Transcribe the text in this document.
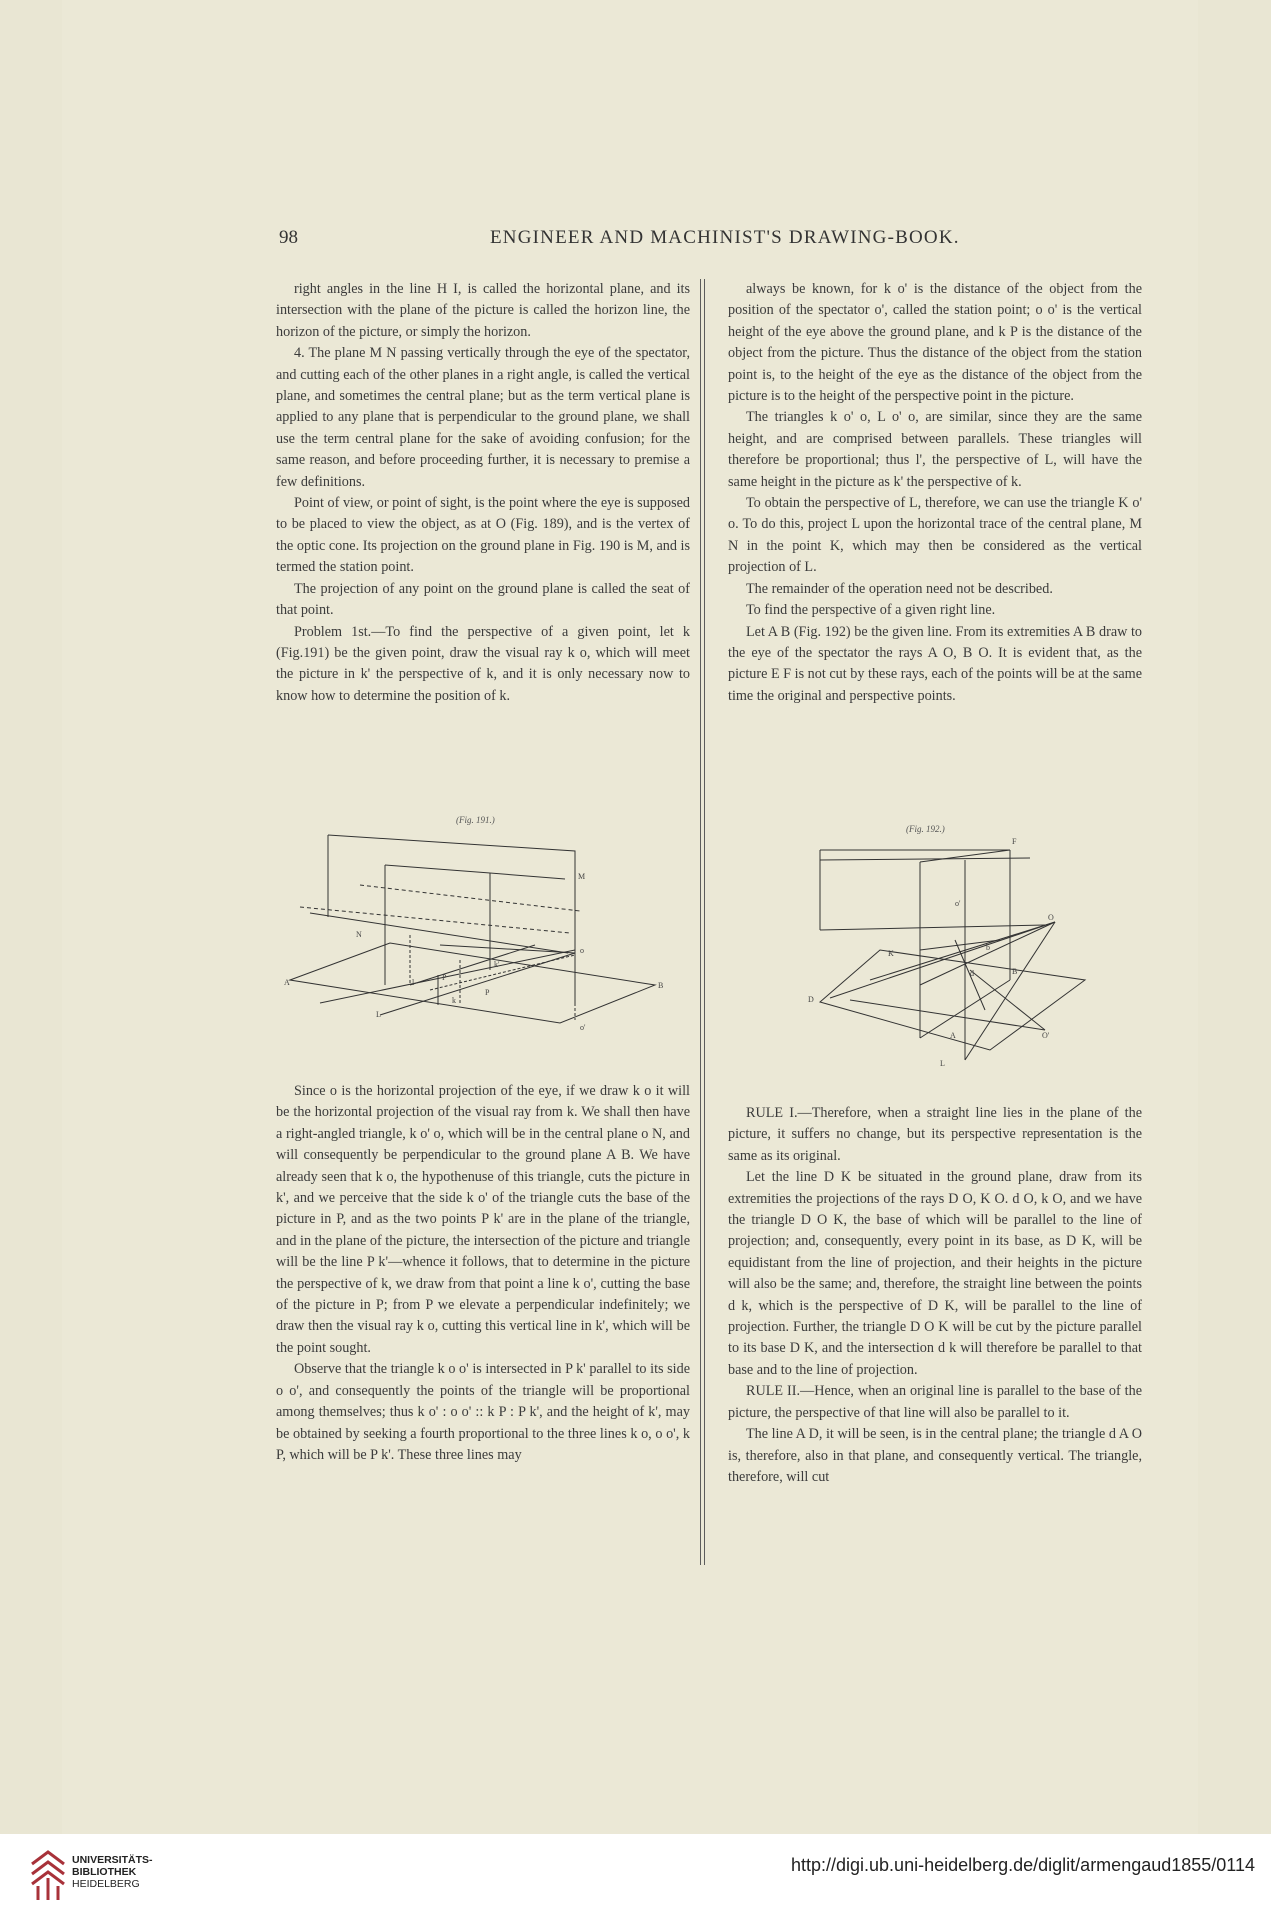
98	ENGINEER AND MACHINIST'S DRAWING-BOOK.

right angles in the line H I, is called the horizontal plane, and its intersection with the plane of the picture is called the horizon line, the horizon of the picture, or simply the horizon.

4. The plane M N passing vertically through the eye of the spectator, and cutting each of the other planes in a right angle, is called the vertical plane, and sometimes the central plane; but as the term vertical plane is applied to any plane that is perpendicular to the ground plane, we shall use the term central plane for the sake of avoiding confusion; for the same reason, and before proceeding further, it is necessary to premise a few definitions.

Point of view, or point of sight, is the point where the eye is supposed to be placed to view the object, as at O (Fig. 189), and is the vertex of the optic cone. Its projection on the ground plane in Fig. 190 is M, and is termed the station point.

The projection of any point on the ground plane is called the seat of that point.

Problem 1st.—To find the perspective of a given point, let k (Fig.191) be the given point, draw the visual ray k o, which will meet the picture in k' the perspective of k, and it is only necessary now to know how to determine the position of k.

(Fig. 191.)
M
N
A	B
L
o
o'
P
k
k'
l
P

Since o is the horizontal projection of the eye, if we draw k o it will be the horizontal projection of the visual ray from k. We shall then have a right-angled triangle, k o' o, which will be in the central plane o N, and will consequently be perpendicular to the ground plane A B. We have already seen that k o, the hypothenuse of this triangle, cuts the picture in k', and we perceive that the side k o' of the triangle cuts the base of the picture in P, and as the two points P k' are in the plane of the triangle, and in the plane of the picture, the intersection of the picture and triangle will be the line P k'—whence it follows, that to determine in the picture the perspective of k, we draw from that point a line k o', cutting the base of the picture in P; from P we elevate a perpendicular indefinitely; we draw then the visual ray k o, cutting this vertical line in k', which will be the point sought.

Observe that the triangle k o o' is intersected in P k' parallel to its side o o', and consequently the points of the triangle will be proportional among themselves; thus k o' : o o' :: k P : P k', and the height of k', may be obtained by seeking a fourth proportional to the three lines k o, o o', k P, which will be P k'. These three lines may

always be known, for k o' is the distance of the object from the position of the spectator o', called the station point; o o' is the vertical height of the eye above the ground plane, and k P is the distance of the object from the picture. Thus the distance of the object from the station point is, to the height of the eye as the distance of the object from the picture is to the height of the perspective point in the picture.

The triangles k o' o, L o' o, are similar, since they are the same height, and are comprised between parallels. These triangles will therefore be proportional; thus l', the perspective of L, will have the same height in the picture as k' the perspective of k.

To obtain the perspective of L, therefore, we can use the triangle K o' o. To do this, project L upon the horizontal trace of the central plane, M N in the point K, which may then be considered as the vertical projection of L.

The remainder of the operation need not be described.

To find the perspective of a given right line.

Let A B (Fig. 192) be the given line. From its extremities A B draw to the eye of the spectator the rays A O, B O. It is evident that, as the picture E F is not cut by these rays, each of the points will be at the same time the original and perspective points.

(Fig. 192.)
F
O
o'
K
D
d	B
A
L
O'
b

RULE I.—Therefore, when a straight line lies in the plane of the picture, it suffers no change, but its perspective representation is the same as its original.

Let the line D K be situated in the ground plane, draw from its extremities the projections of the rays D O, K O. d O, k O, and we have the triangle D O K, the base of which will be parallel to the line of projection; and, consequently, every point in its base, as D K, will be equidistant from the line of projection, and their heights in the picture will also be the same; and, therefore, the straight line between the points d k, which is the perspective of D K, will be parallel to the line of projection. Further, the triangle D O K will be cut by the picture parallel to its base D K, and the intersection d k will therefore be parallel to that base and to the line of projection.

RULE II.—Hence, when an original line is parallel to the base of the picture, the perspective of that line will also be parallel to it.

The line A D, it will be seen, is in the central plane; the triangle d A O is, therefore, also in that plane, and consequently vertical. The triangle, therefore, will cut

UNIVERSITÄTS-
BIBLIOTHEK
HEIDELBERG
http://digi.ub.uni-heidelberg.de/diglit/armengaud1855/0114
